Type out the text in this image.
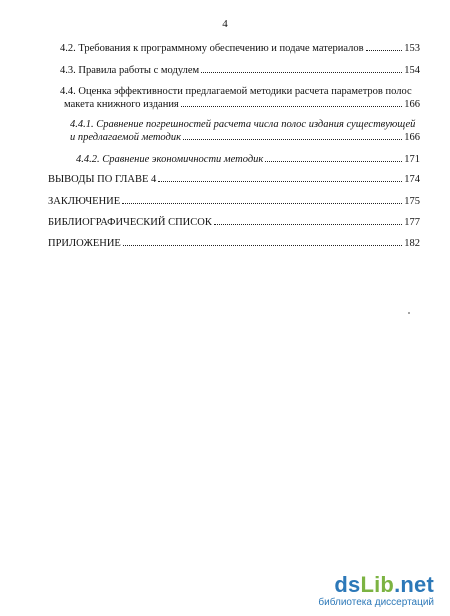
4
4.2. Требования к программному обеспечению и подаче материалов	153
4.3. Правила работы с модулем	154
4.4. Оценка эффективности предлагаемой методики расчета параметров полос
макета книжного издания	166
4.4.1. Сравнение погрешностей расчета числа полос издания существующей
и предлагаемой методик	166
4.4.2. Сравнение экономичности методик	171
ВЫВОДЫ ПО ГЛАВЕ 4	174
ЗАКЛЮЧЕНИЕ	175
БИБЛИОГРАФИЧЕСКИЙ СПИСОК	177
ПРИЛОЖЕНИЕ	182
dsLib.net
библиотека диссертаций
